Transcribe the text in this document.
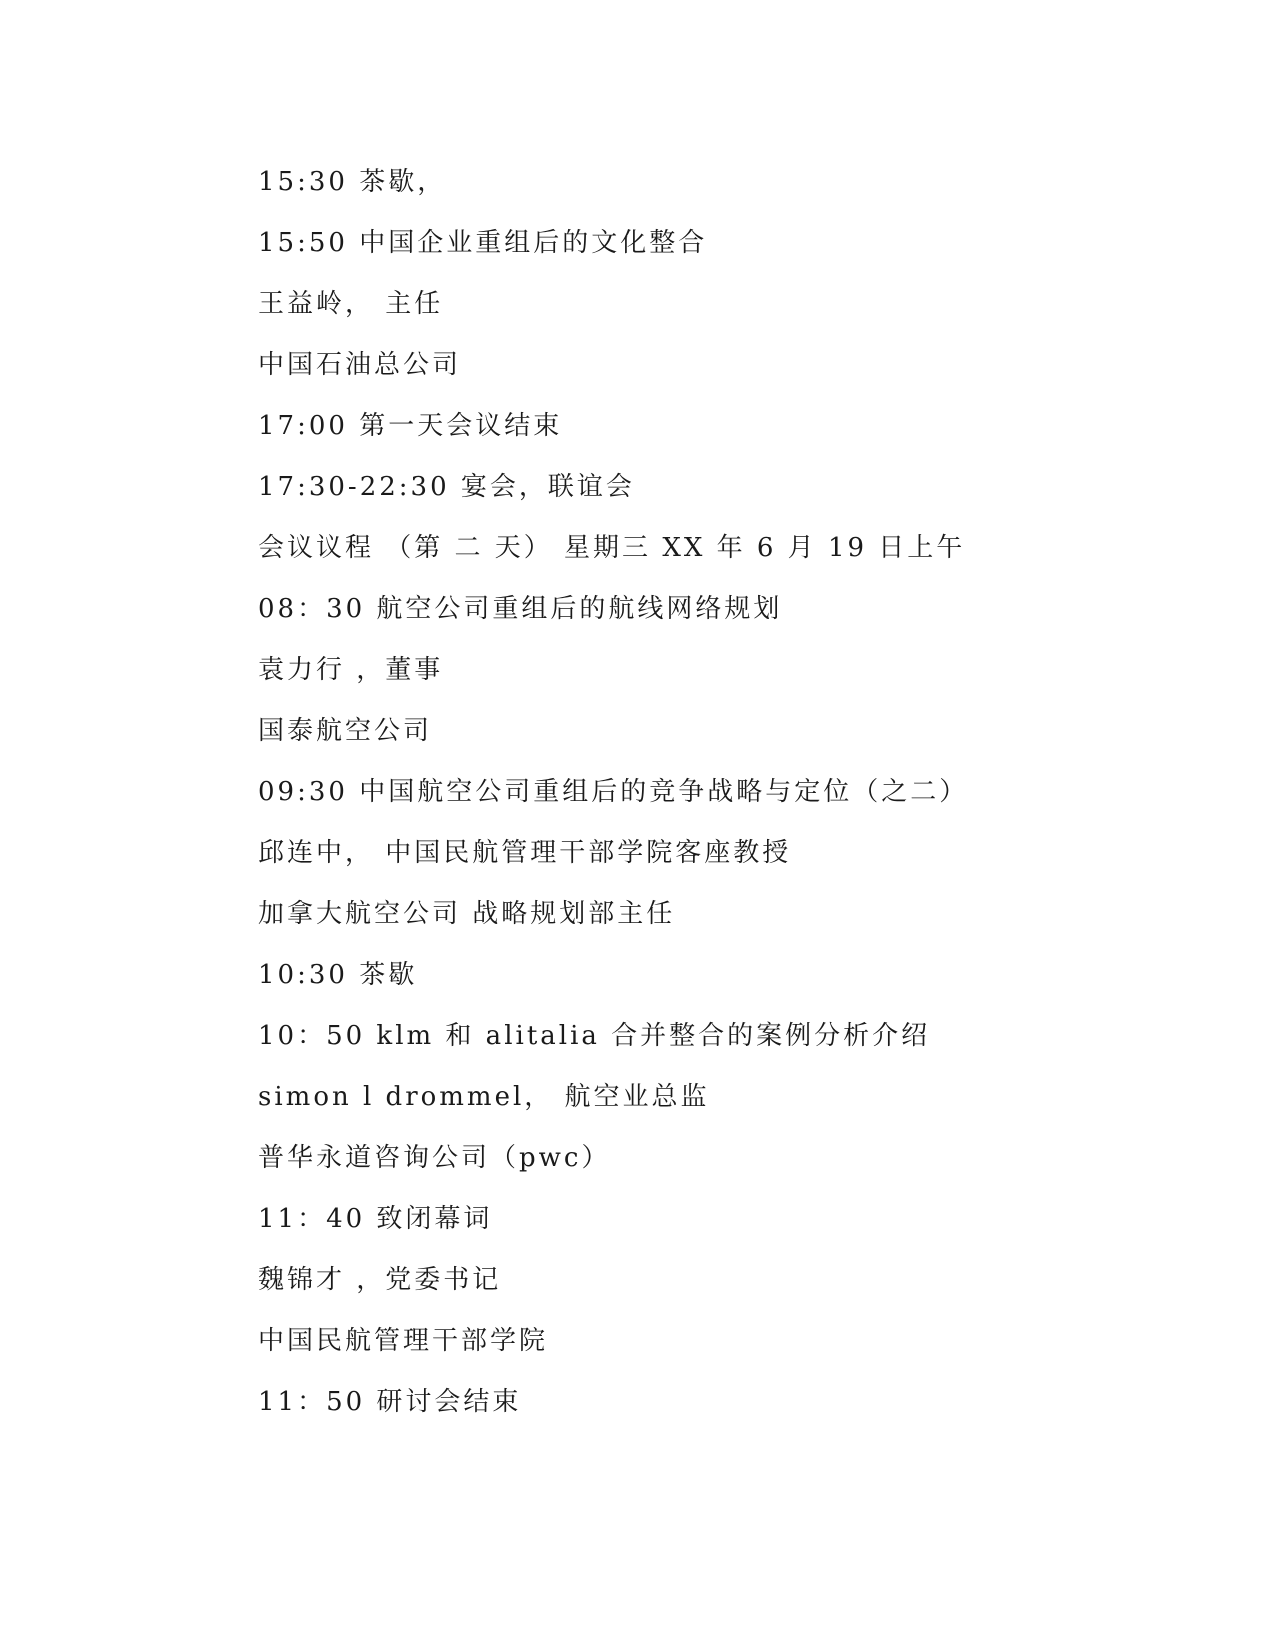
15:30 茶歇，
15:50 中国企业重组后的文化整合
王益岭， 主任
中国石油总公司
17:00 第一天会议结束
17:30-22:30 宴会，联谊会
会议议程 （第 二 天） 星期三 XX 年 6 月 19 日上午
08：30 航空公司重组后的航线网络规划
袁力行 ，董事
国泰航空公司
09:30 中国航空公司重组后的竞争战略与定位（之二）
邱连中， 中国民航管理干部学院客座教授
加拿大航空公司 战略规划部主任
10:30 茶歇
10：50 klm 和 alitalia 合并整合的案例分析介绍
simon l drommel， 航空业总监
普华永道咨询公司（pwc）
11：40 致闭幕词
魏锦才 ，党委书记
中国民航管理干部学院
11：50 研讨会结束
